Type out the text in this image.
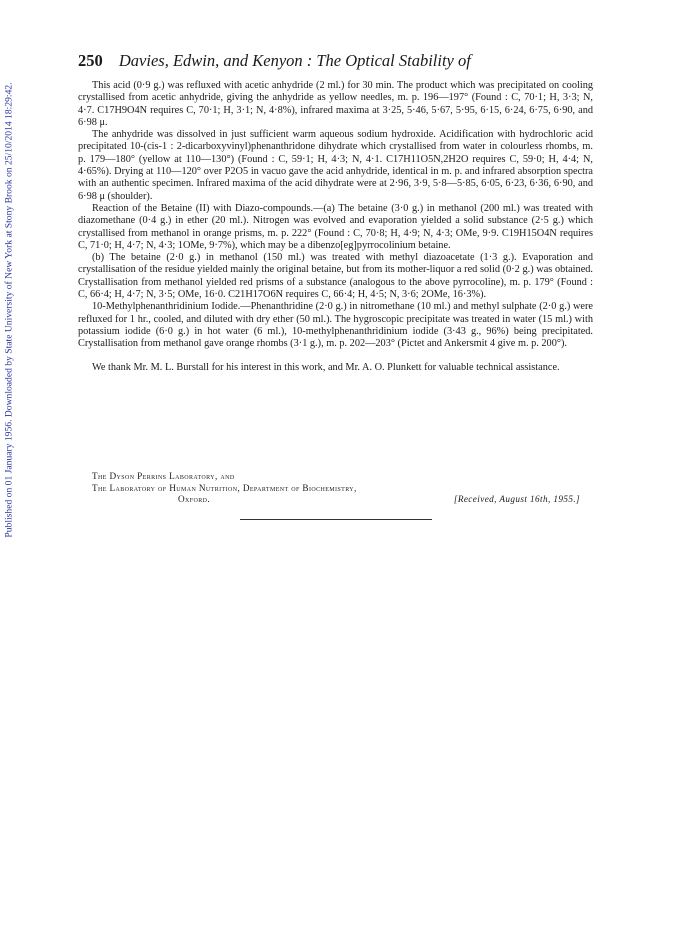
Published on 01 January 1956. Downloaded by State University of New York at Stony Brook on 25/10/2014 18:29:42.
250 Davies, Edwin, and Kenyon : The Optical Stability of

This acid (0·9 g.) was refluxed with acetic anhydride (2 ml.) for 30 min. The product which was precipitated on cooling crystallised from acetic anhydride, giving the anhydride as yellow needles, m. p. 196—197° (Found : C, 70·1; H, 3·3; N, 4·7. C17H9O4N requires C, 70·1; H, 3·1; N, 4·8%), infrared maxima at 3·25, 5·46, 5·67, 5·95, 6·15, 6·24, 6·75, 6·90, and 6·98 μ.

The anhydride was dissolved in just sufficient warm aqueous sodium hydroxide. Acidification with hydrochloric acid precipitated 10-(cis-1 : 2-dicarboxyvinyl)phenanthridone dihydrate which crystallised from water in colourless rhombs, m. p. 179—180° (yellow at 110—130°) (Found : C, 59·1; H, 4·3; N, 4·1. C17H11O5N,2H2O requires C, 59·0; H, 4·4; N, 4·65%). Drying at 110—120° over P2O5 in vacuo gave the acid anhydride, identical in m. p. and infrared absorption spectra with an authentic specimen. Infrared maxima of the acid dihydrate were at 2·96, 3·9, 5·8—5·85, 6·05, 6·23, 6·36, 6·90, and 6·98 μ (shoulder).

Reaction of the Betaine (II) with Diazo-compounds.—(a) The betaine (3·0 g.) in methanol (200 ml.) was treated with diazomethane (0·4 g.) in ether (20 ml.). Nitrogen was evolved and evaporation yielded a solid substance (2·5 g.) which crystallised from methanol in orange prisms, m. p. 222° (Found : C, 70·8; H, 4·9; N, 4·3; OMe, 9·9. C19H15O4N requires C, 71·0; H, 4·7; N, 4·3; 1OMe, 9·7%), which may be a dibenzo[eg]pyrrocolinium betaine.

(b) The betaine (2·0 g.) in methanol (150 ml.) was treated with methyl diazoacetate (1·3 g.). Evaporation and crystallisation of the residue yielded mainly the original betaine, but from its mother-liquor a red solid (0·2 g.) was obtained. Crystallisation from methanol yielded red prisms of a substance (analogous to the above pyrrocoline), m. p. 179° (Found : C, 66·4; H, 4·7; N, 3·5; OMe, 16·0. C21H17O6N requires C, 66·4; H, 4·5; N, 3·6; 2OMe, 16·3%).

10-Methylphenanthridinium Iodide.—Phenanthridine (2·0 g.) in nitromethane (10 ml.) and methyl sulphate (2·0 g.) were refluxed for 1 hr., cooled, and diluted with dry ether (50 ml.). The hygroscopic precipitate was treated in water (15 ml.) with potassium iodide (6·0 g.) in hot water (6 ml.), 10-methylphenanthridinium iodide (3·43 g., 96%) being precipitated. Crystallisation from methanol gave orange rhombs (3·1 g.), m. p. 202—203° (Pictet and Ankersmit 4 give m. p. 200°).

We thank Mr. M. L. Burstall for his interest in this work, and Mr. A. O. Plunkett for valuable technical assistance.

The Dyson Perrins Laboratory, and
The Laboratory of Human Nutrition, Department of Biochemistry,
Oxford.	[Received, August 16th, 1955.]
